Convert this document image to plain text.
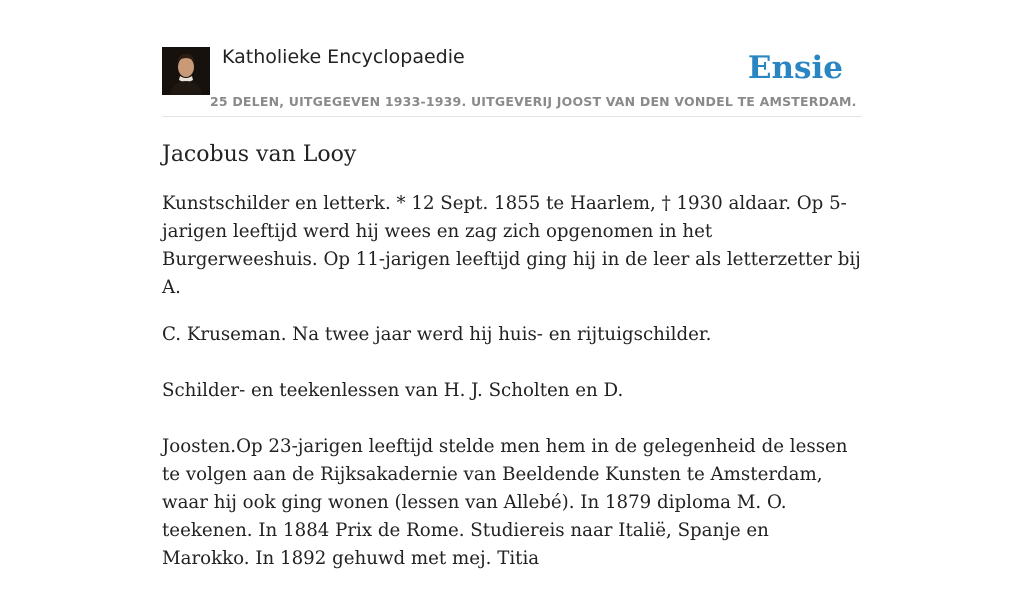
Katholieke Encyclopaedie
25 DELEN, UITGEGEVEN 1933-1939. UITGEVERIJ JOOST VAN DEN VONDEL TE AMSTERDAM.
Ensie
Jacobus van Looy

Kunstschilder en letterk. * 12 Sept. 1855 te Haarlem, † 1930 aldaar. Op 5-jarigen leeftijd werd hij wees en zag zich opgenomen in het Burgerweeshuis. Op 11-jarigen leeftijd ging hij in de leer als letterzetter bij A.

C. Kruseman. Na twee jaar werd hij huis- en rijtuigschilder.

Schilder- en teekenlessen van H. J. Scholten en D.

Joosten.Op 23-jarigen leeftijd stelde men hem in de gelegenheid de lessen te volgen aan de Rijksakadernie van Beeldende Kunsten te Amsterdam, waar hij ook ging wonen (lessen van Allebé). In 1879 diploma M. O. teekenen. In 1884 Prix de Rome. Studiereis naar Italië, Spanje en Marokko. In 1892 gehuwd met mej. Titia
